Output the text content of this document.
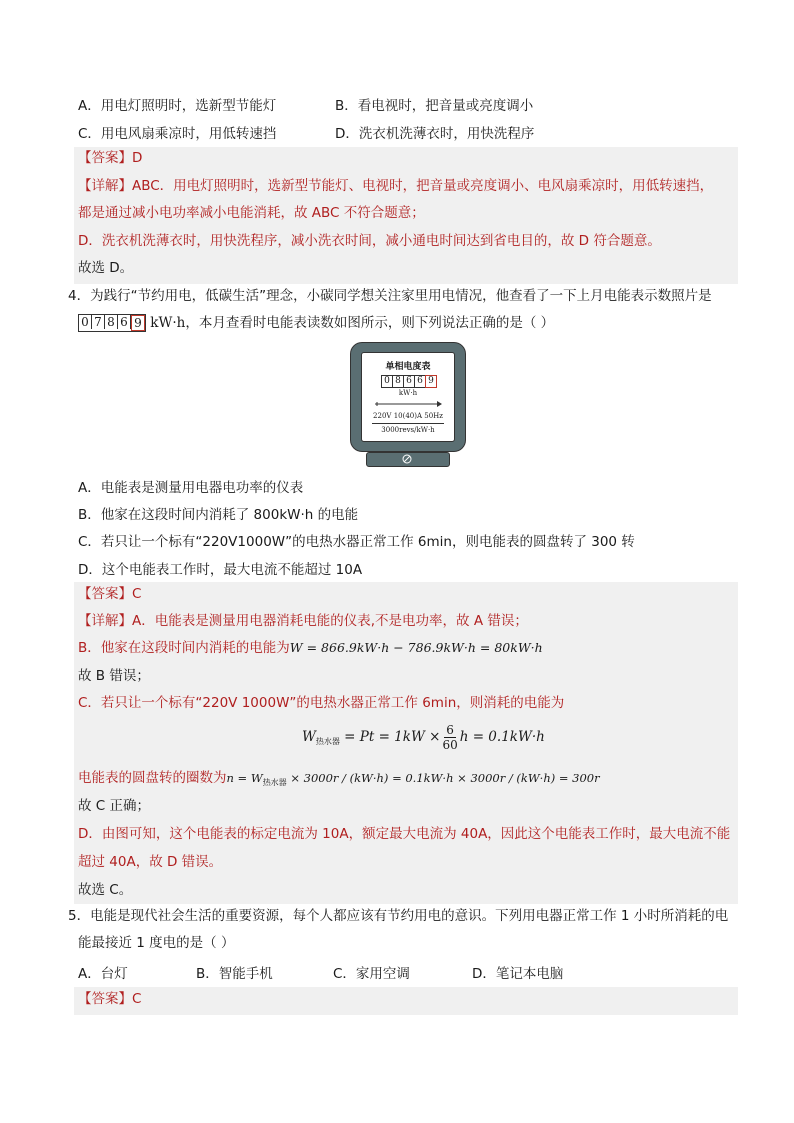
A．用电灯照明时，选新型节能灯	B．看电视时，把音量或亮度调小
C．用电风扇乘凉时，用低转速挡	D．洗衣机洗薄衣时，用快洗程序
【答案】D
【详解】ABC．用电灯照明时，选新型节能灯、电视时，把音量或亮度调小、电风扇乘凉时，用低转速挡，
都是通过减小电功率减小电能消耗，故 ABC 不符合题意；
D．洗衣机洗薄衣时，用快洗程序，减小洗衣时间，减小通电时间达到省电目的，故 D 符合题意。
故选 D。
4．为践行“节约用电，低碳生活”理念，小碳同学想关注家里用电情况，他查看了一下上月电能表示数照片是
0 7 8 6 9 kW·h，本月查看时电能表读数如图所示，则下列说法正确的是（ ）
单相电度表
0 8 6 6 9
kW·h
220V 10(40)A 50Hz
3000revs/kW·h
A．电能表是测量用电器电功率的仪表
B．他家在这段时间内消耗了 800kW·h 的电能
C．若只让一个标有“220V1000W”的电热水器正常工作 6min，则电能表的圆盘转了 300 转
D．这个电能表工作时，最大电流不能超过 10A
【答案】C
【详解】A．电能表是测量用电器消耗电能的仪表,不是电功率，故 A 错误；
B．他家在这段时间内消耗的电能为W = 866.9kW·h − 786.9kW·h = 80kW·h
故 B 错误；
C．若只让一个标有“220V 1000W”的电热水器正常工作 6min，则消耗的电能为
$W_{热水器} = Pt = 1kW \times \frac{6}{60}$ h = 0.1kW·h
电能表的圆盘转的圈数为$n = W_{热水器} \times 3000r / (kW\cdot h) = 0.1kW\cdot h \times 3000r / (kW\cdot h) = 300r$
故 C 正确；
D．由图可知，这个电能表的标定电流为 10A，额定最大电流为 40A，因此这个电能表工作时，最大电流不能
超过 40A，故 D 错误。
故选 C。
5．电能是现代社会生活的重要资源，每个人都应该有节约用电的意识。下列用电器正常工作 1 小时所消耗的电
能最接近 1 度电的是（ ）
A．台灯	B．智能手机	C．家用空调	D．笔记本电脑
【答案】C
